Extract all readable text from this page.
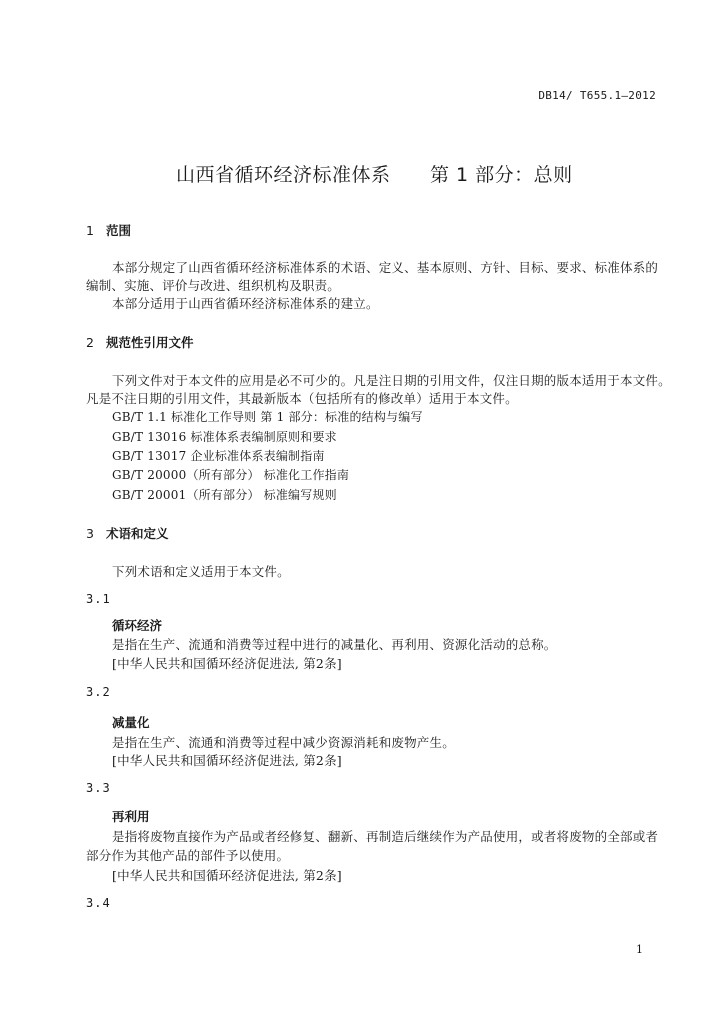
DB14/ T655.1—2012
山西省循环经济标准体系 第 1 部分：总则
1 范围
本部分规定了山西省循环经济标准体系的术语、定义、基本原则、方针、目标、要求、标准体系的
编制、实施、评价与改进、组织机构及职责。
本部分适用于山西省循环经济标准体系的建立。
2 规范性引用文件
下列文件对于本文件的应用是必不可少的。凡是注日期的引用文件，仅注日期的版本适用于本文件。
凡是不注日期的引用文件，其最新版本（包括所有的修改单）适用于本文件。
GB/T 1.1 标准化工作导则 第 1 部分：标准的结构与编写
GB/T 13016 标准体系表编制原则和要求
GB/T 13017 企业标准体系表编制指南
GB/T 20000（所有部分） 标准化工作指南
GB/T 20001（所有部分） 标准编写规则
3 术语和定义
下列术语和定义适用于本文件。
3.1
循环经济
是指在生产、流通和消费等过程中进行的减量化、再利用、资源化活动的总称。
[中华人民共和国循环经济促进法, 第2条]
3.2
减量化
是指在生产、流通和消费等过程中减少资源消耗和废物产生。
[中华人民共和国循环经济促进法, 第2条]
3.3
再利用
是指将废物直接作为产品或者经修复、翻新、再制造后继续作为产品使用，或者将废物的全部或者
部分作为其他产品的部件予以使用。
[中华人民共和国循环经济促进法, 第2条]
3.4
1
